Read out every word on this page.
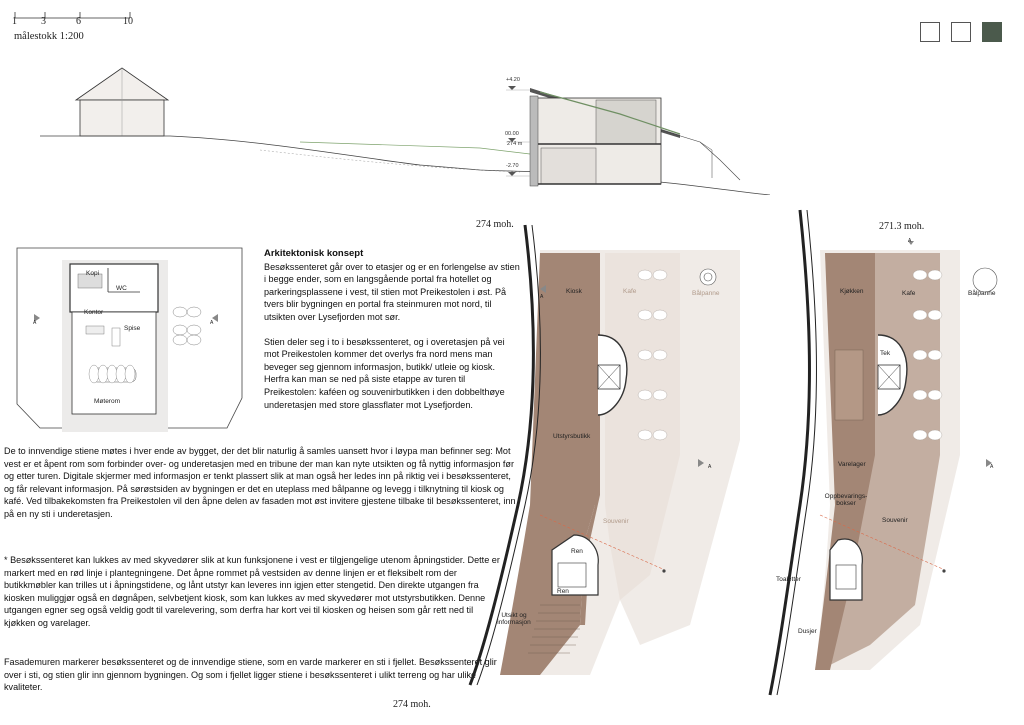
1 3	6	10
målestokk 1:200
+4.20
00.00
274 m
-2.70
Kopi
WC
Kontor
Spise
Møterom
A	A

Arkitektonisk konsept

Besøkssenteret går over to etasjer og er en forlengelse av stien i begge ender, som en langsgående portal fra hotellet og parkeringsplassene i vest, til stien mot Preikestolen i øst. På tvers blir bygningen en portal fra steinmuren mot nord, til utsikten over Lysefjorden mot sør.

Stien deler seg i to i besøkssenteret, og i overetasjen på vei mot Preikestolen kommer det overlys fra nord mens man beveger seg gjennom informasjon, butikk/ utleie og kiosk. Herfra kan man se ned på siste etappe av turen til Preikestolen: kaféen og souvenirbutikken i den dobbelthøye underetasjen med store glassflater mot Lysefjorden.

De to innvendige stiene møtes i hver ende av bygget, der det blir naturlig å samles uansett hvor i løypa man befinner seg: Mot vest er et åpent rom som forbinder over- og underetasjen med en tribune der man kan nyte utsikten og få nyttig informasjon før og etter turen. Digitale skjermer med informasjon er tenkt plassert slik at man også her ledes inn på riktig vei i besøkssenteret, og får relevant informasjon. På sørøstsiden av bygningen er det en uteplass med bålpanne og levegg i tilknytning til kiosk og kafé. Ved tilbakekomsten fra Preikestolen vil den åpne delen av fasaden mot øst invitere gjestene tilbake til besøkssenteret, inn på en ny sti i underetasjen.

* Besøkssenteret kan lukkes av med skyvedører slik at kun funksjonene i vest er tilgjengelige utenom åpningstider. Dette er markert med en rød linje i plantegningene. Det åpne rommet på vestsiden av denne linjen er et fleksibelt rom der butikkmøbler kan trilles ut i åpningstidene, og lånt utstyr kan leveres inn igjen etter stengetid. Den direkte utgangen fra kiosken muliggjør også en døgnåpen, selvbetjent kiosk, som kan lukkes av med skyvedører mot utstyrsbutikken. Denne utgangen egner seg også veldig godt til varelevering, som derfra har kort vei til kiosken og heisen som går rett ned til kjøkken og varelager.

Fasademuren markerer besøkssenteret og de innvendige stiene, som en varde markerer en sti i fjellet. Besøkssenteret glir over i sti, og stien glir inn gjennom bygningen. Og som i fjellet ligger stiene i besøkssenteret i ulikt terreng og har ulike kvaliteter.

274 moh.
274 moh.
Kiosk	Kafe	Bålpanne
Utstyrsbutikk
Souvenir
Ren
Ren
Utsikt og informasjon
A
A
271.3 moh.
Kjøkken	Kafe	Bålpanne
Tek
Varelager
Oppbevarings-bokser
Souvenir
Toaletter
Dusjer
A
A
